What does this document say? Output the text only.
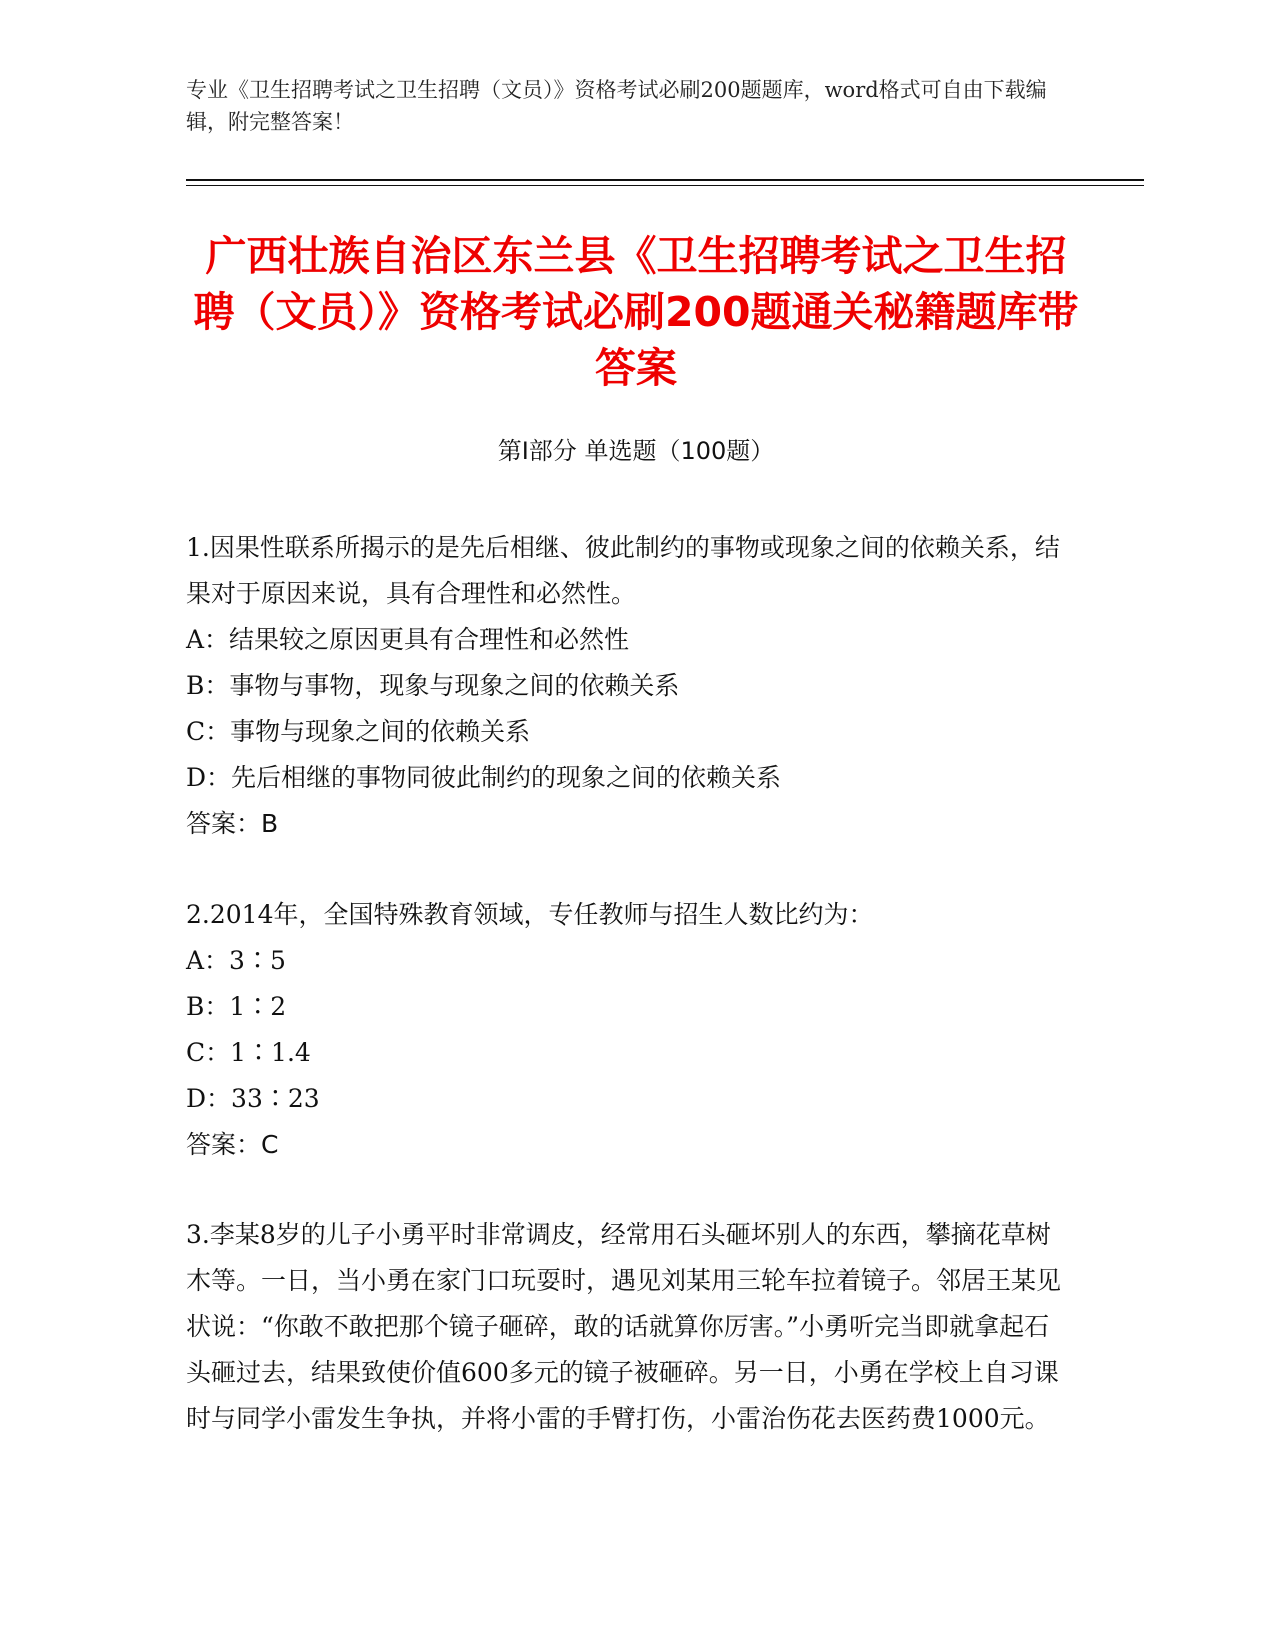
专业《卫生招聘考试之卫生招聘（文员）》资格考试必刷200题题库，word格式可自由下载编辑，附完整答案！
广西壮族自治区东兰县《卫生招聘考试之卫生招聘（文员）》资格考试必刷200题通关秘籍题库带答案
第Ⅰ部分 单选题（100题）
1.因果性联系所揭示的是先后相继、彼此制约的事物或现象之间的依赖关系，结果对于原因来说，具有合理性和必然性。
A：结果较之原因更具有合理性和必然性
B：事物与事物，现象与现象之间的依赖关系
C：事物与现象之间的依赖关系
D：先后相继的事物同彼此制约的现象之间的依赖关系
答案：B
2.2014年，全国特殊教育领域，专任教师与招生人数比约为：
A：3∶5
B：1∶2
C：1∶1.4
D：33∶23
答案：C
3.李某8岁的儿子小勇平时非常调皮，经常用石头砸坏别人的东西，攀摘花草树木等。一日，当小勇在家门口玩耍时，遇见刘某用三轮车拉着镜子。邻居王某见状说：“你敢不敢把那个镜子砸碎，敢的话就算你厉害。”小勇听完当即就拿起石头砸过去，结果致使价值600多元的镜子被砸碎。另一日，小勇在学校上自习课时与同学小雷发生争执，并将小雷的手臂打伤，小雷治伤花去医药费1000元。
